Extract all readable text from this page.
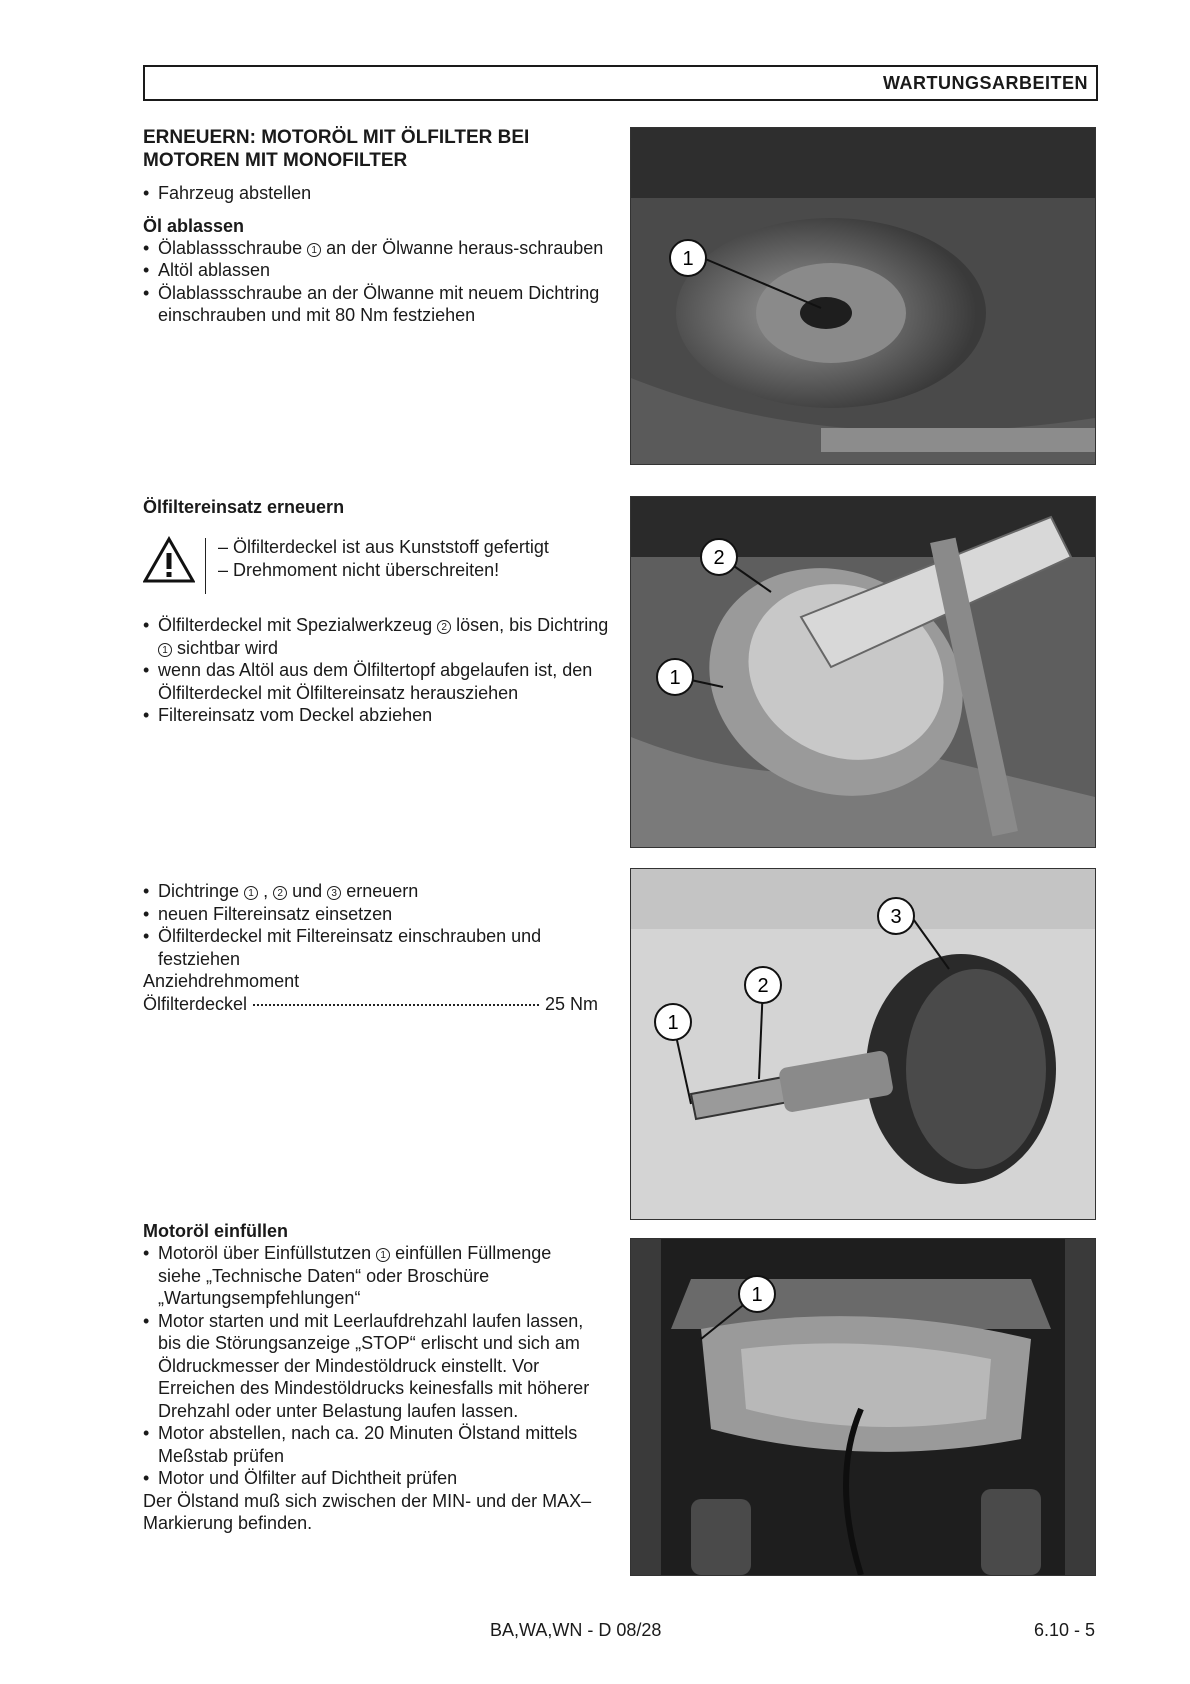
WARTUNGSARBEITEN
ERNEUERN: MOTORÖL MIT ÖLFILTER BEI MOTOREN MIT MONOFILTER
• Fahrzeug abstellen
Öl ablassen
• Ölablassschraube 1 an der Ölwanne heraus-schrauben
• Altöl ablassen
• Ölablassschraube an der Ölwanne mit neuem Dichtring einschrauben und mit 80 Nm festziehen
1
Ölfiltereinsatz erneuern
– Ölfilterdeckel ist aus Kunststoff gefertigt
– Drehmoment nicht überschreiten!
• Ölfilterdeckel mit Spezialwerkzeug 2 lösen, bis Dichtring 1 sichtbar wird
• wenn das Altöl aus dem Ölfiltertopf abgelaufen ist, den Ölfilterdeckel mit Ölfiltereinsatz herausziehen
• Filtereinsatz vom Deckel abziehen
2
1
• Dichtringe 1 , 2 und 3 erneuern
• neuen Filtereinsatz einsetzen
• Ölfilterdeckel mit Filtereinsatz einschrauben und festziehen
Anziehdrehmoment
Ölfilterdeckel	25 Nm
3
2
1
Motoröl einfüllen
• Motoröl über Einfüllstutzen 1 einfüllen Füllmenge siehe „Technische Daten“ oder Broschüre „Wartungsempfehlungen“
• Motor starten und mit Leerlaufdrehzahl laufen lassen, bis die Störungsanzeige „STOP“ erlischt und sich am Öldruckmesser der Mindestöldruck einstellt. Vor Erreichen des Mindestöldrucks keinesfalls mit höherer Drehzahl oder unter Belastung laufen lassen.
• Motor abstellen, nach ca. 20 Minuten Ölstand mittels Meßstab prüfen
• Motor und Ölfilter auf Dichtheit prüfen
Der Ölstand muß sich zwischen der MIN- und der MAX– Markierung befinden.
1
BA,WA,WN - D 08/28	6.10 - 5
